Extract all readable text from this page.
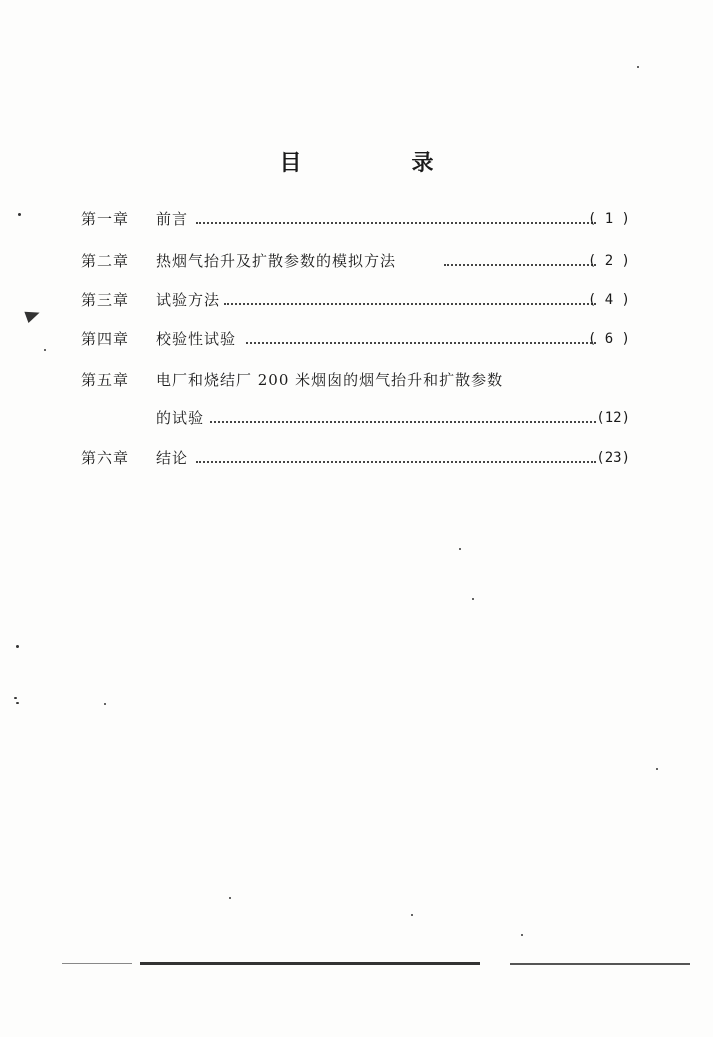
目　录
第一章	前言	( 1 )
第二章	热烟气抬升及扩散参数的模拟方法	( 2 )
第三章	试验方法	( 4 )
第四章	校验性试验	( 6 )
第五章	电厂和烧结厂 200 米烟囱的烟气抬升和扩散参数
的试验	(12)
第六章	结论	(23)
